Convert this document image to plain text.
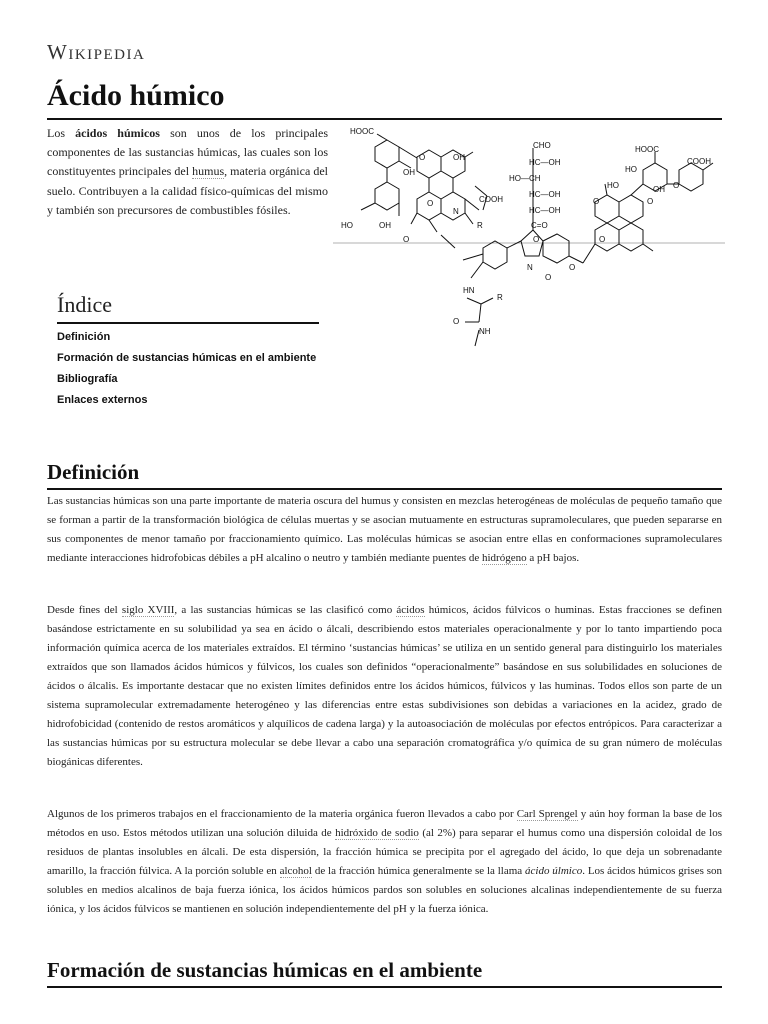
Wikipedia
Ácido húmico

Los ácidos húmicos son unos de los principales componentes de las sustancias húmicas, las cuales son los constituyentes principales del humus, materia orgánica del suelo. Contribuyen a la calidad físico-químicas del mismo y también son precursores de combustibles fósiles.

HOOC
OH
OH
HO	OH
O
O
O
N
COOH
R
CHO
HC—OH
HO—CH
HC—OH
HC—OH
C=O
O
HOOC
COOH
HO
HO	OH O
O	O
O
O
HN
R
N
NH
O
O
Índice
Definición
Formación de sustancias húmicas en el ambiente
Bibliografía
Enlaces externos
Definición

Las sustancias húmicas son una parte importante de materia oscura del humus y consisten en mezclas heterogéneas de moléculas de pequeño tamaño que se forman a partir de la transformación biológica de células muertas y se asocian mutuamente en estructuras supramoleculares, que pueden separarse en sus componentes de menor tamaño por fraccionamiento químico. Las moléculas húmicas se asocian entre ellas en conformaciones supramoleculares mediante interacciones hidrofobicas débiles a pH alcalino o neutro y también mediante puentes de hidrógeno a pH bajos.

Desde fines del siglo XVIII, a las sustancias húmicas se las clasificó como ácidos húmicos, ácidos fúlvicos o huminas. Estas fracciones se definen basándose estrictamente en su solubilidad ya sea en ácido o álcali, describiendo estos materiales operacionalmente y por lo tanto impartiendo poca información química acerca de los materiales extraídos. El término ‘sustancias húmicas’ se utiliza en un sentido general para distinguirlo los materiales extraídos que son llamados ácidos húmicos y fúlvicos, los cuales son definidos “operacionalmente” basándose en sus solubilidades en soluciones de ácidos o álcalis. Es importante destacar que no existen límites definidos entre los ácidos húmicos, fúlvicos y las huminas. Todos ellos son parte de un sistema supramolecular extremadamente heterogéneo y las diferencias entre estas subdivisiones son debidas a variaciones en la acidez, grado de hidrofobicidad (contenido de restos aromáticos y alquílicos de cadena larga) y la autoasociación de moléculas por efectos entrópicos. Para caracterizar a las sustancias húmicas por su estructura molecular se debe llevar a cabo una separación cromatográfica y/o química de su gran número de moléculas biogánicas diferentes.

Algunos de los primeros trabajos en el fraccionamiento de la materia orgánica fueron llevados a cabo por Carl Sprengel y aún hoy forman la base de los métodos en uso. Estos métodos utilizan una solución diluida de hidróxido de sodio (al 2%) para separar el humus como una dispersión coloidal de los residuos de plantas insolubles en álcali. De esta dispersión, la fracción húmica se precipita por el agregado del ácido, lo que deja un sobrenadante amarillo, la fracción fúlvica. A la porción soluble en alcohol de la fracción húmica generalmente se la llama ácido úlmico. Los ácidos húmicos grises son solubles en medios alcalinos de baja fuerza iónica, los ácidos húmicos pardos son solubles en soluciones alcalinas independientemente de su fuerza iónica, y los ácidos fúlvicos se mantienen en solución independientemente del pH y la fuerza iónica.

Formación de sustancias húmicas en el ambiente
